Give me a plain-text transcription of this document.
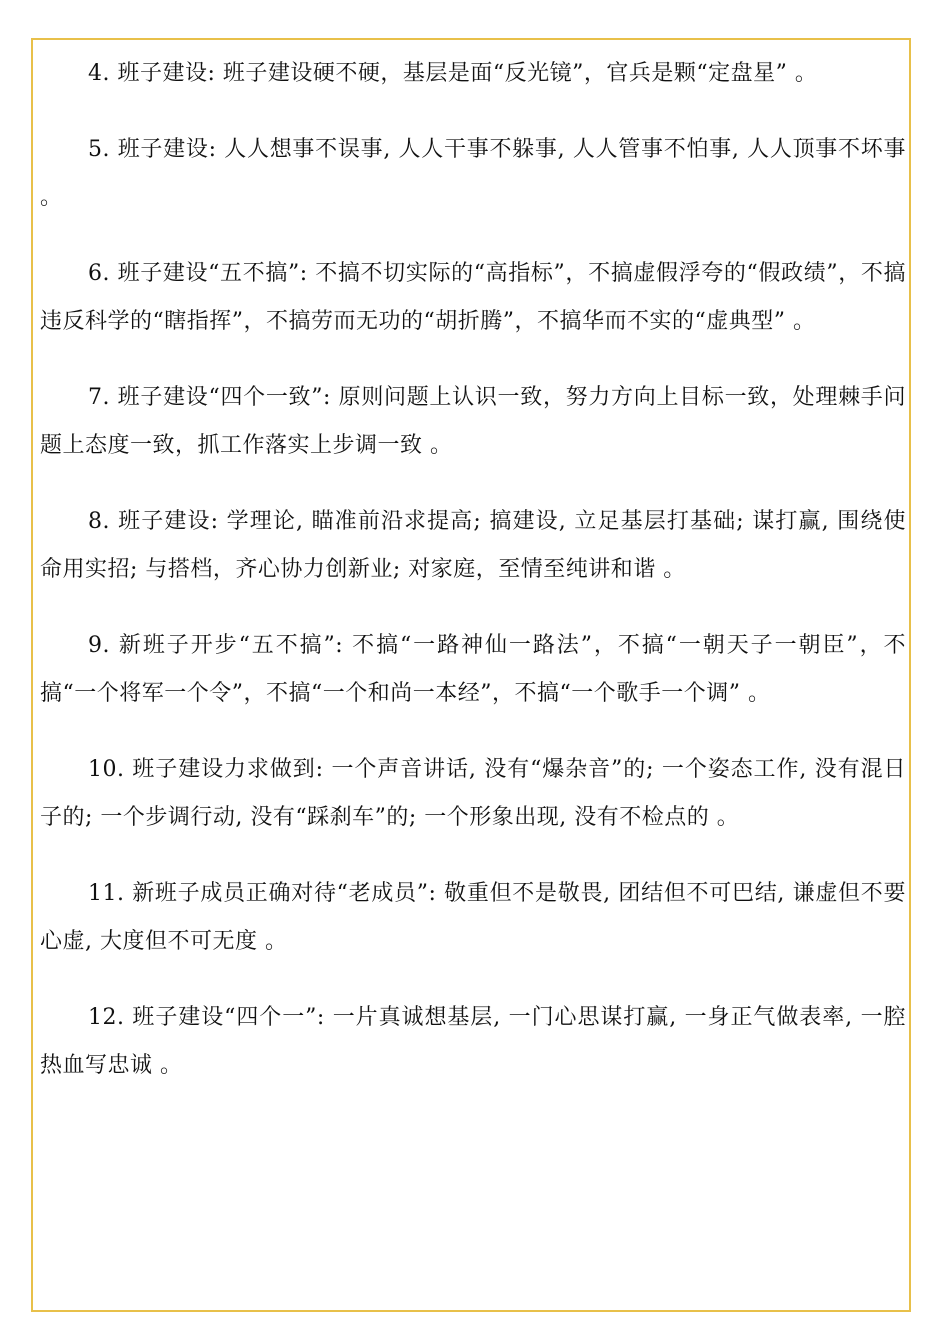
4. 班子建设: 班子建设硬不硬，基层是面“反光镜”，官兵是颗“定盘星” 。

5. 班子建设: 人人想事不误事, 人人干事不躲事, 人人管事不怕事, 人人顶事不坏事 。

6. 班子建设“五不搞”: 不搞不切实际的“高指标”，不搞虚假浮夸的“假政绩”，不搞违反科学的“瞎指挥”，不搞劳而无功的“胡折腾”，不搞华而不实的“虚典型” 。

7. 班子建设“四个一致”: 原则问题上认识一致，努力方向上目标一致，处理棘手问题上态度一致，抓工作落实上步调一致 。

8. 班子建设: 学理论, 瞄准前沿求提高; 搞建设, 立足基层打基础; 谋打赢, 围绕使命用实招; 与搭档，齐心协力创新业; 对家庭，至情至纯讲和谐 。

9. 新班子开步“五不搞”: 不搞“一路神仙一路法”，不搞“一朝天子一朝臣”，不搞“一个将军一个令”，不搞“一个和尚一本经”，不搞“一个歌手一个调” 。

10. 班子建设力求做到: 一个声音讲话, 没有“爆杂音”的; 一个姿态工作, 没有混日子的; 一个步调行动, 没有“踩刹车”的; 一个形象出现, 没有不检点的 。

11. 新班子成员正确对待“老成员”: 敬重但不是敬畏, 团结但不可巴结, 谦虚但不要心虚, 大度但不可无度 。

12. 班子建设“四个一”: 一片真诚想基层, 一门心思谋打赢, 一身正气做表率, 一腔热血写忠诚 。
